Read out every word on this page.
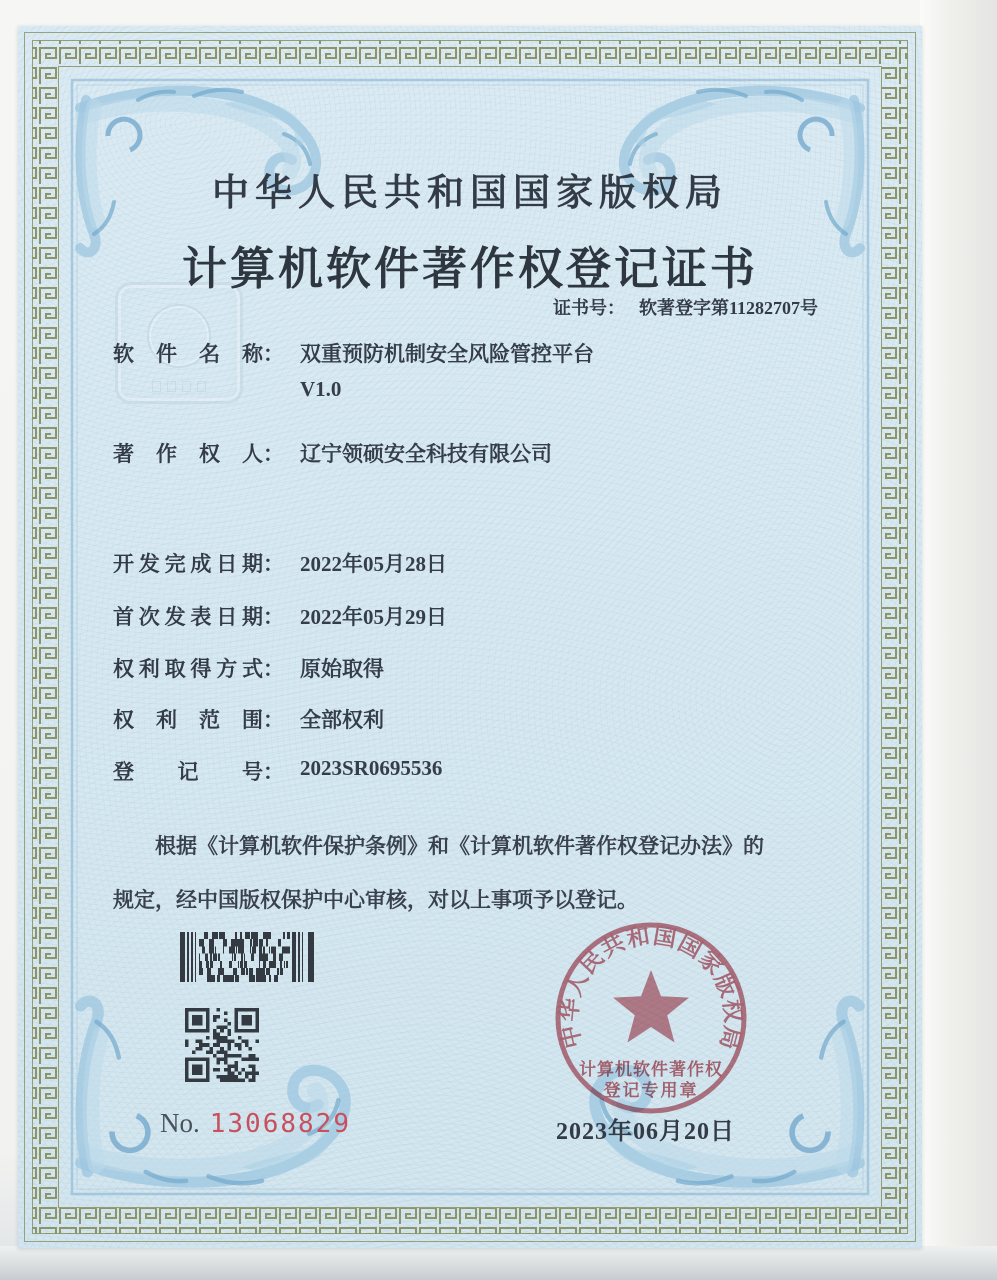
中华人民共和国国家版权局
计算机软件著作权登记证书
证书号： 软著登字第11282707号
软件名称 ： 双重预防机制安全风险管控平台
V1.0
著作权人 ： 辽宁领硕安全科技有限公司
开发完成日期 ： 2022年05月28日
首次发表日期 ： 2022年05月29日
权利取得方式 ： 原始取得
权利范围 ： 全部权利
登记号 ： 2023SR0695536
根据《计算机软件保护条例》和《计算机软件著作权登记办法》的
规定，经中国版权保护中心审核，对以上事项予以登记。
No. 13068829	2023年06月20日
中华人民共和国国家版权局
计算机软件著作权
登记专用章
